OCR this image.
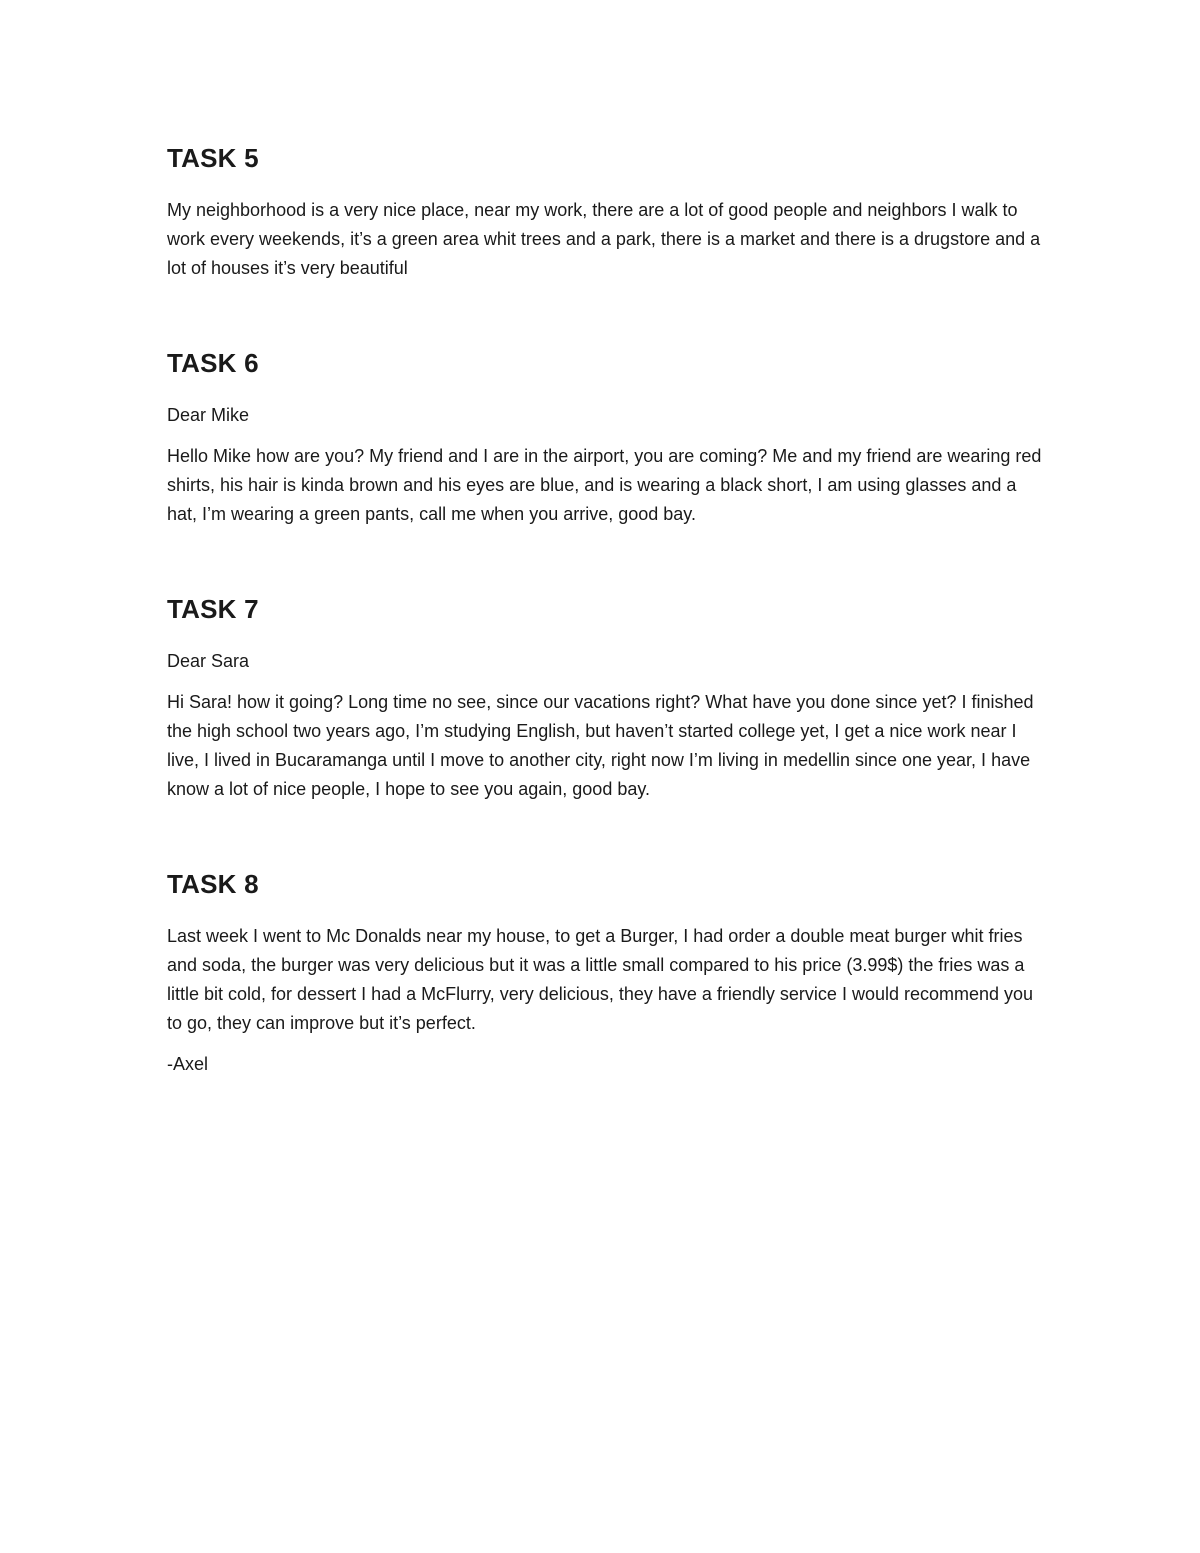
TASK 5

My neighborhood is a very nice place, near my work, there are a lot of good people and neighbors I walk to work every weekends, it’s a green area whit trees and a park, there is a market and there is a drugstore and a lot of houses it’s very beautiful

TASK 6

Dear Mike

Hello Mike how are you? My friend and I are in the airport, you are coming? Me and my friend are wearing red shirts, his hair is kinda brown and his eyes are blue, and is wearing a black short, I am using glasses and a hat, I’m wearing a green pants, call me when you arrive, good bay.

TASK 7

Dear Sara

Hi Sara! how it going? Long time no see, since our vacations right? What have you done since yet? I finished the high school two years ago, I’m studying English, but haven’t started college yet, I get a nice work near I live, I lived in Bucaramanga until I move to another city, right now I’m living in medellin since one year, I have know a lot of nice people, I hope to see you again, good bay.

TASK 8

Last week I went to Mc Donalds near my house, to get a Burger, I had order a double meat burger whit fries and soda, the burger was very delicious but it was a little small compared to his price (3.99$) the fries was a little bit cold, for dessert I had a McFlurry, very delicious, they have a friendly service I would recommend you to go, they can improve but it’s perfect.

-Axel
